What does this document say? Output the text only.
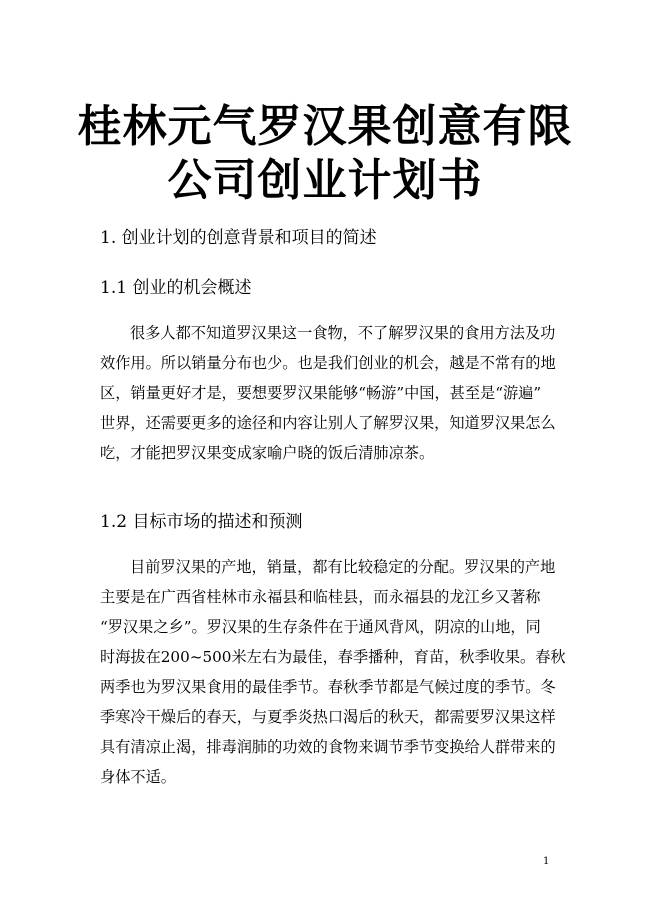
桂林元气罗汉果创意有限
公司创业计划书
1. 创业计划的创意背景和项目的简述
1.1 创业的机会概述
很多人都不知道罗汉果这一食物，不了解罗汉果的食用方法及功
效作用。所以销量分布也少。也是我们创业的机会，越是不常有的地
区，销量更好才是，要想要罗汉果能够“畅游”中国，甚至是“游遍”
世界，还需要更多的途径和内容让别人了解罗汉果，知道罗汉果怎么
吃，才能把罗汉果变成家喻户晓的饭后清肺凉茶。
1.2 目标市场的描述和预测
目前罗汉果的产地，销量，都有比较稳定的分配。罗汉果的产地
主要是在广西省桂林市永福县和临桂县，而永福县的龙江乡又著称
“罗汉果之乡”。罗汉果的生存条件在于通风背风，阴凉的山地，同
时海拔在200~500米左右为最佳，春季播种，育苗，秋季收果。春秋
两季也为罗汉果食用的最佳季节。春秋季节都是气候过度的季节。冬
季寒冷干燥后的春天，与夏季炎热口渴后的秋天，都需要罗汉果这样
具有清凉止渴，排毒润肺的功效的食物来调节季节变换给人群带来的
身体不适。
1
